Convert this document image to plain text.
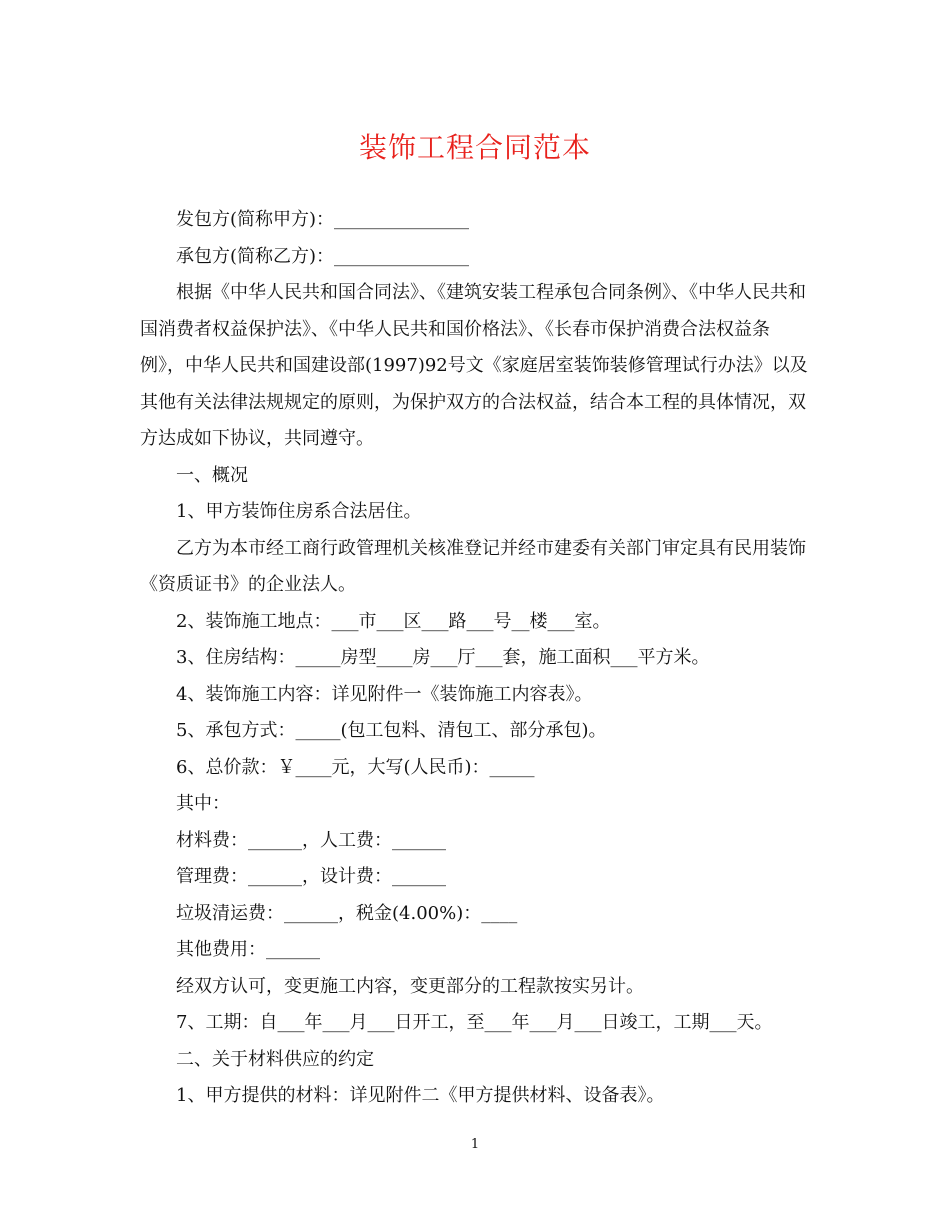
装饰工程合同范本

发包方(简称甲方)：_______________

承包方(简称乙方)：_______________

根据《中华人民共和国合同法》、《建筑安装工程承包合同条例》、《中华人民共和国消费者权益保护法》、《中华人民共和国价格法》、《长春市保护消费合法权益条例》，中华人民共和国建设部(1997)92号文《家庭居室装饰装修管理试行办法》以及其他有关法律法规规定的原则，为保护双方的合法权益，结合本工程的具体情况，双方达成如下协议，共同遵守。

一、概况

1、甲方装饰住房系合法居住。

乙方为本市经工商行政管理机关核准登记并经市建委有关部门审定具有民用装饰《资质证书》的企业法人。

2、装饰施工地点：___市___区___路___号__楼___室。

3、住房结构：_____房型____房___厅___套，施工面积___平方米。

4、装饰施工内容：详见附件一《装饰施工内容表》。

5、承包方式：_____(包工包料、清包工、部分承包)。

6、总价款：￥____元，大写(人民币)：_____

其中：

材料费：______，人工费：______

管理费：______，设计费：______

垃圾清运费：______，税金(4.00%)：____

其他费用：______

经双方认可，变更施工内容，变更部分的工程款按实另计。

7、工期：自___年___月___日开工，至___年___月___日竣工，工期___天。

二、关于材料供应的约定

1、甲方提供的材料：详见附件二《甲方提供材料、设备表》。

1
